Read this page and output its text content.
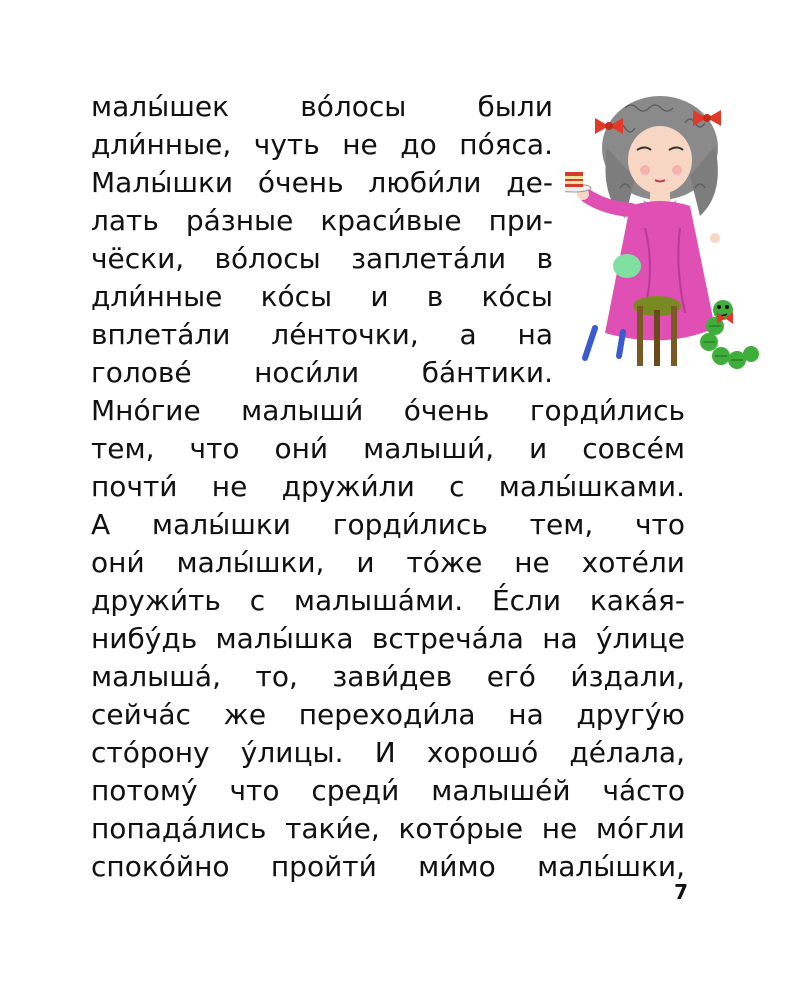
малы́шек во́лосы были
дли́нные, чуть не до по́яса.
Малы́шки о́чень люби́ли де-
лать ра́зные краси́вые при-
чёски, во́лосы заплета́ли в
дли́нные ко́сы и в ко́сы
вплета́ли ле́нточки, а на
голове́ носи́ли ба́нтики.
Мно́гие малыши́ о́чень горди́лись
тем, что они́ малыши́, и совсе́м
почти́ не дружи́ли с малы́шками.
А малы́шки горди́лись тем, что
они́ малы́шки, и то́же не хоте́ли
дружи́ть с малыша́ми. Е́сли кака́я-
нибу́дь малы́шка встреча́ла на у́лице
малыша́, то, зави́дев его́ и́здали,
сейча́с же переходи́ла на другу́ю
сто́рону у́лицы. И хорошо́ де́лала,
потому́ что среди́ малыше́й ча́сто
попада́лись таки́е, кото́рые не мо́гли
споко́йно пройти́ ми́мо малы́шки,
7
